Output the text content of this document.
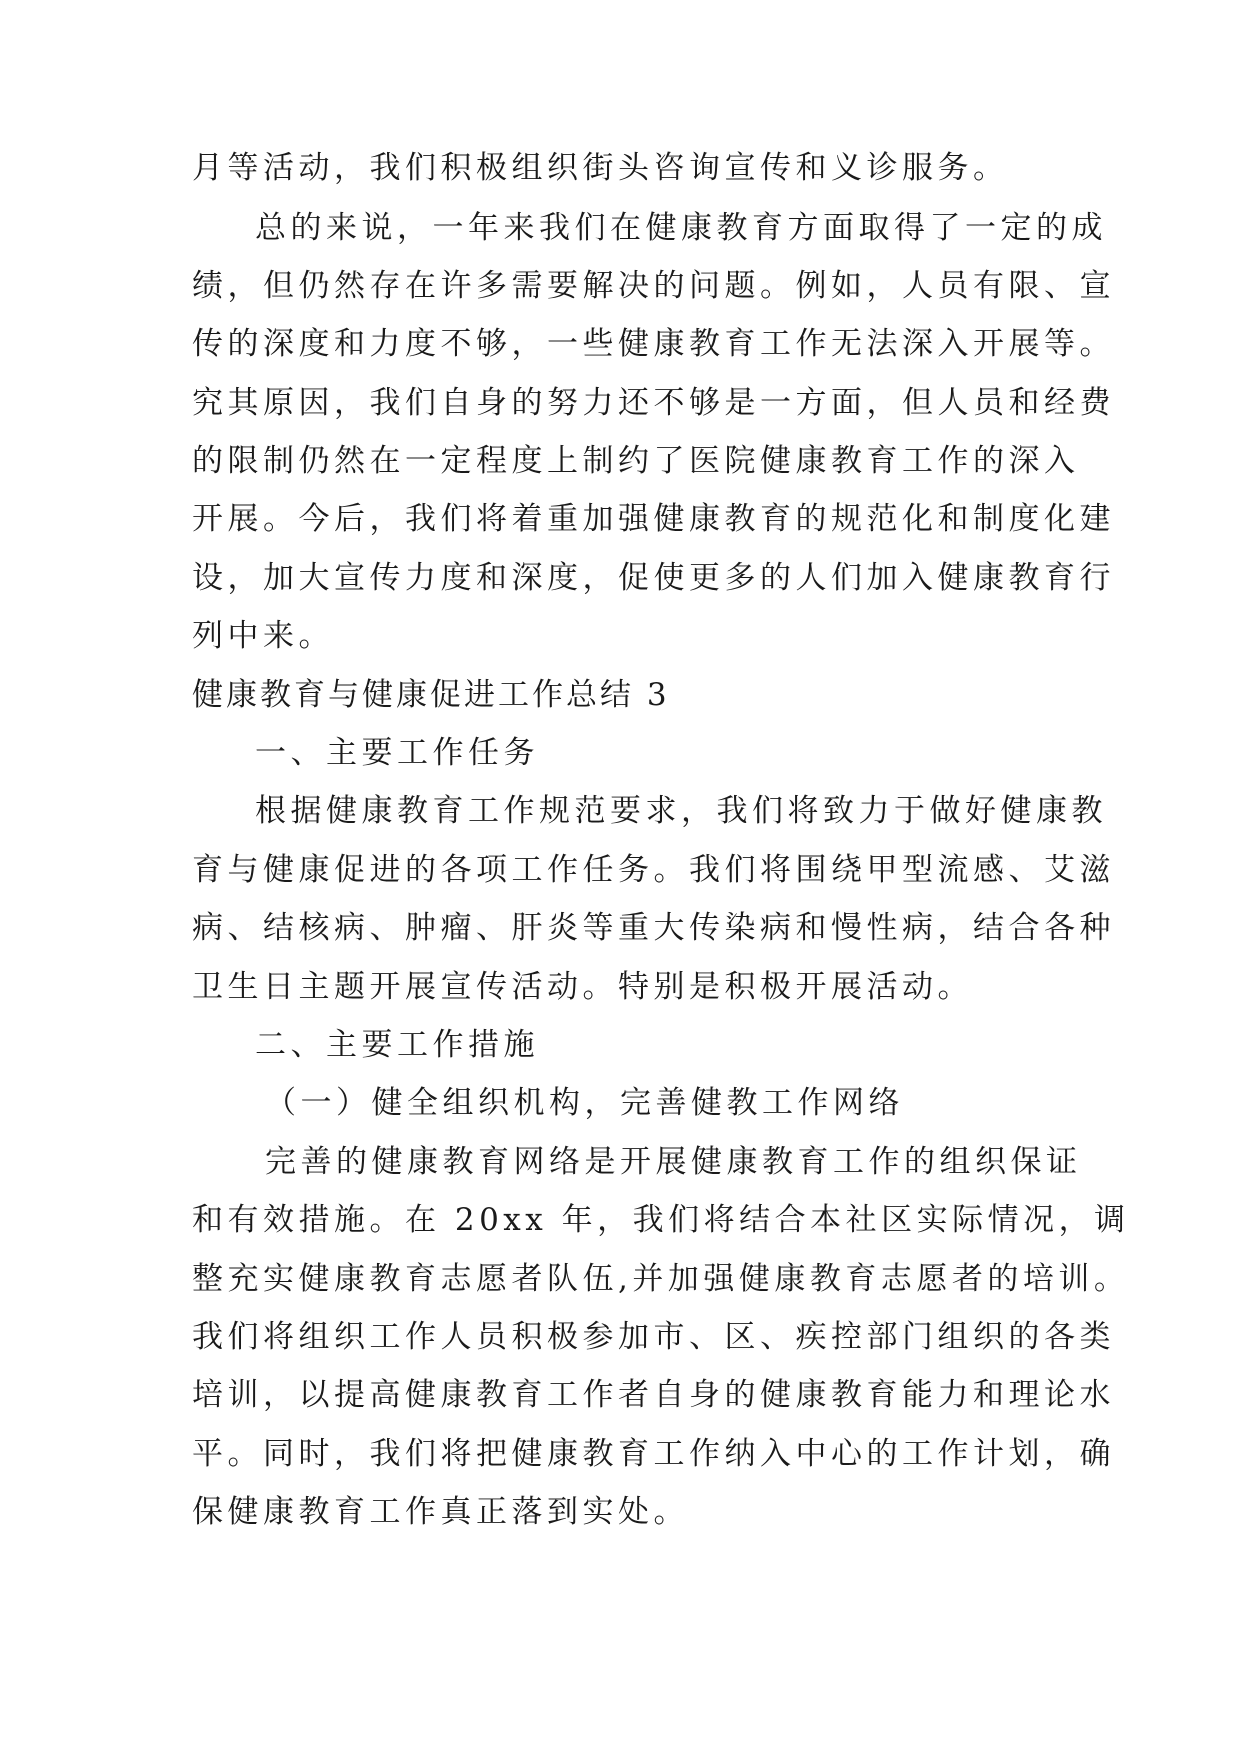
月等活动，我们积极组织街头咨询宣传和义诊服务。

总的来说，一年来我们在健康教育方面取得了一定的成

绩，但仍然存在许多需要解决的问题。例如，人员有限、宣

传的深度和力度不够，一些健康教育工作无法深入开展等。

究其原因，我们自身的努力还不够是一方面，但人员和经费

的限制仍然在一定程度上制约了医院健康教育工作的深入

开展。今后，我们将着重加强健康教育的规范化和制度化建

设，加大宣传力度和深度，促使更多的人们加入健康教育行

列中来。

健康教育与健康促进工作总结 3

一、主要工作任务

根据健康教育工作规范要求，我们将致力于做好健康教

育与健康促进的各项工作任务。我们将围绕甲型流感、艾滋

病、结核病、肿瘤、肝炎等重大传染病和慢性病，结合各种

卫生日主题开展宣传活动。特别是积极开展活动。

二、主要工作措施

（一）健全组织机构，完善健教工作网络

完善的健康教育网络是开展健康教育工作的组织保证

和有效措施。在 20xx 年，我们将结合本社区实际情况，调

整充实健康教育志愿者队伍,并加强健康教育志愿者的培训。

我们将组织工作人员积极参加市、区、疾控部门组织的各类

培训，以提高健康教育工作者自身的健康教育能力和理论水

平。同时，我们将把健康教育工作纳入中心的工作计划，确

保健康教育工作真正落到实处。
